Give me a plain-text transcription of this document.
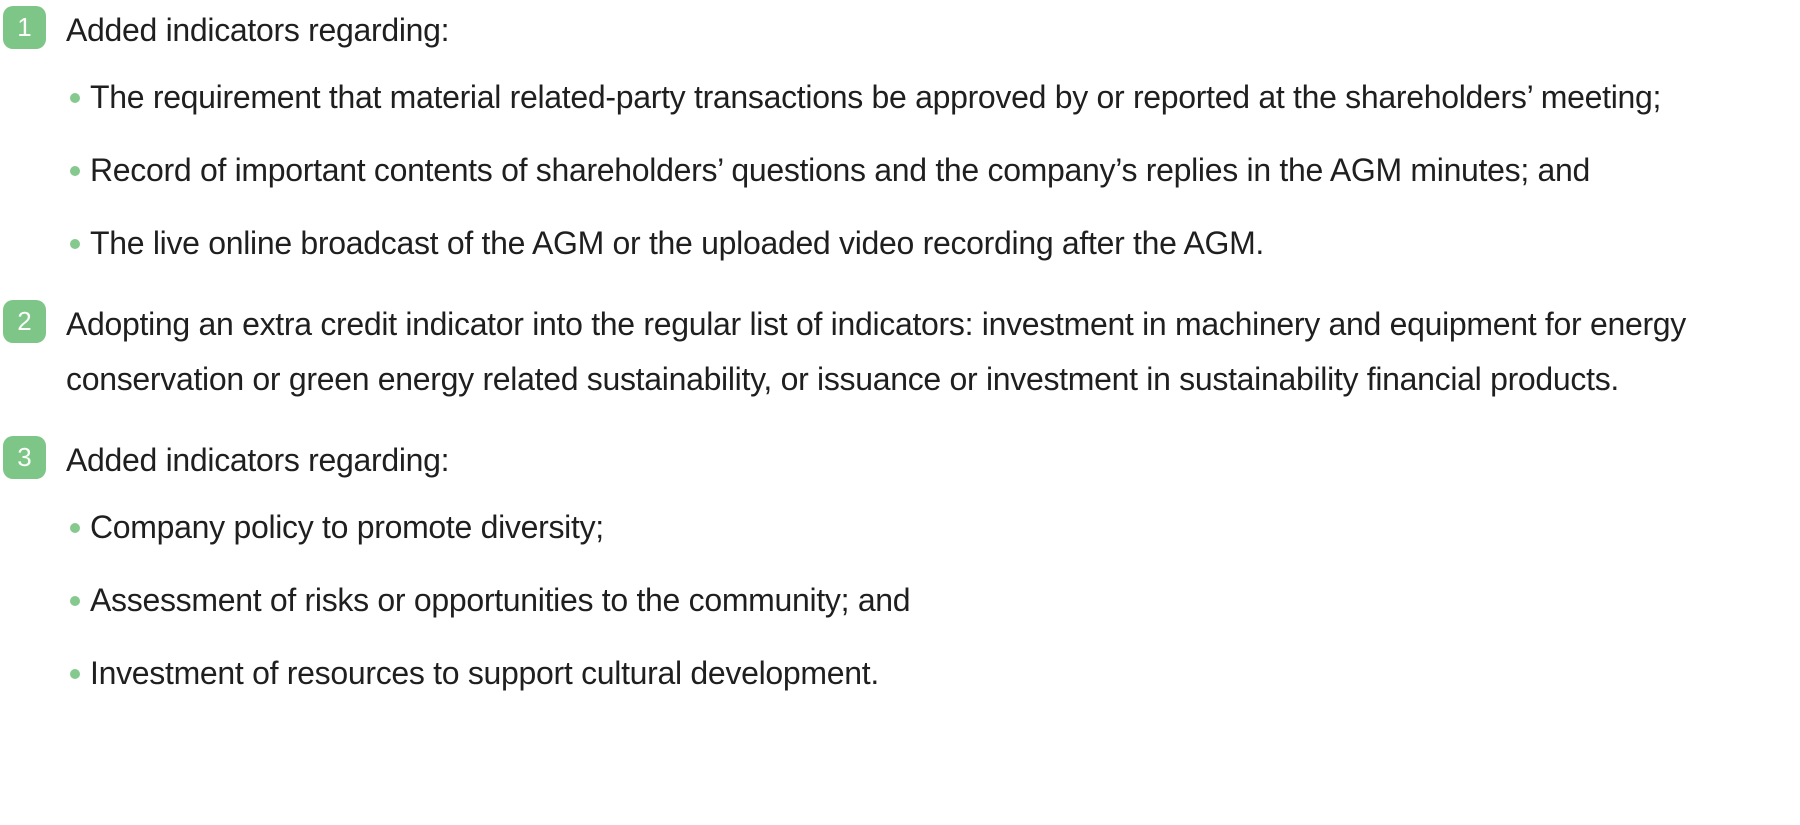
1	Added indicators regarding:

The requirement that material related-party transactions be approved by or reported at the shareholders’ meeting;
Record of important contents of shareholders’ questions and the company’s replies in the AGM minutes; and
The live online broadcast of the AGM or the uploaded video recording after the AGM.
2	Adopting an extra credit indicator into the regular list of indicators: investment in machinery and equipment for energy conservation or green energy related sustainability, or issuance or investment in sustainability financial products.

3	Added indicators regarding:

Company policy to promote diversity;
Assessment of risks or opportunities to the community; and
Investment of resources to support cultural development.
